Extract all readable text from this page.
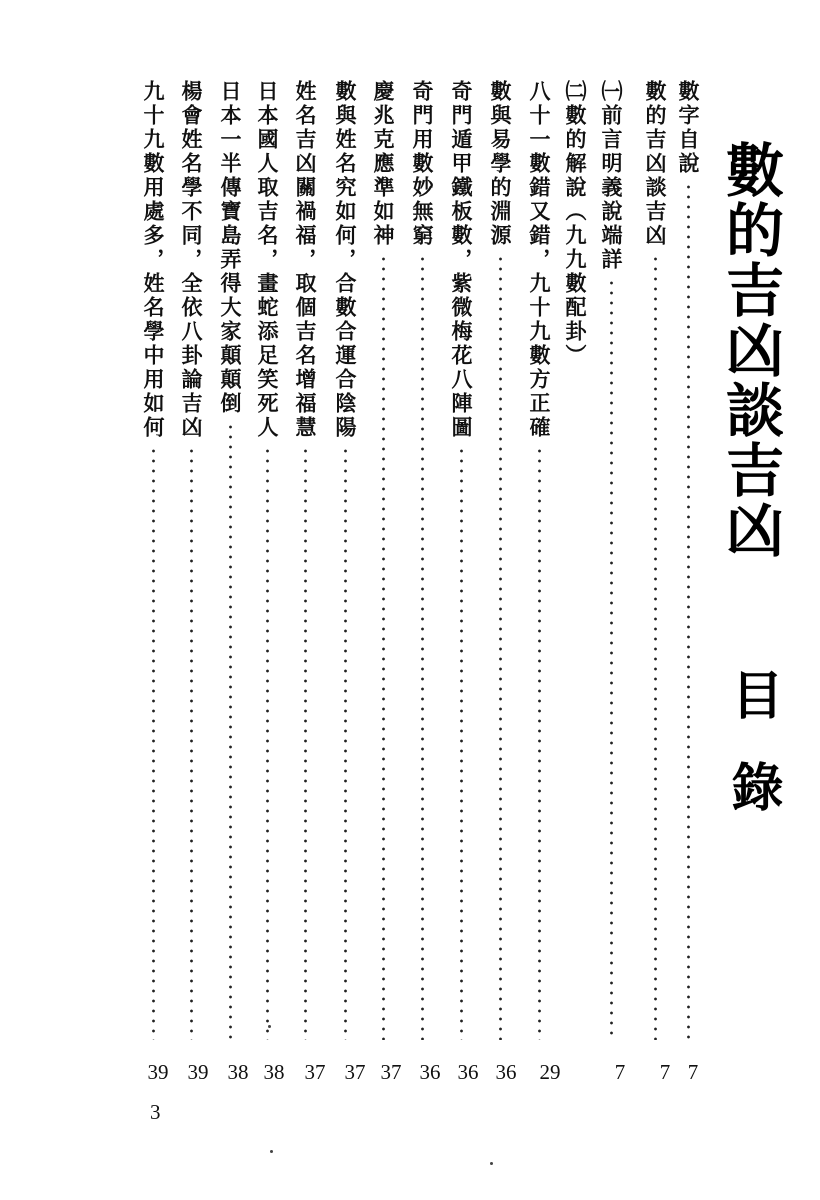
數的吉凶談吉凶
目錄
數字自說
7
數的吉凶談吉凶
7
㈠前言明義說端詳
7
㈡數的解說（九九數配卦）
八十一數錯又錯，九十九數方正確
29
數與易學的淵源
36
奇門遁甲鐵板數，紫微梅花八陣圖
36
奇門用數妙無窮
36
慶兆克應準如神
37
數與姓名究如何，合數合運合陰陽
37
姓名吉凶關禍福，取個吉名增福慧
37
日本國人取吉名，畫蛇添足笑死人
38
日本一半傳寶島弄得大家顛顛倒
38
楊會姓名學不同，全依八卦論吉凶
39
九十九數用處多，姓名學中用如何
39
3
